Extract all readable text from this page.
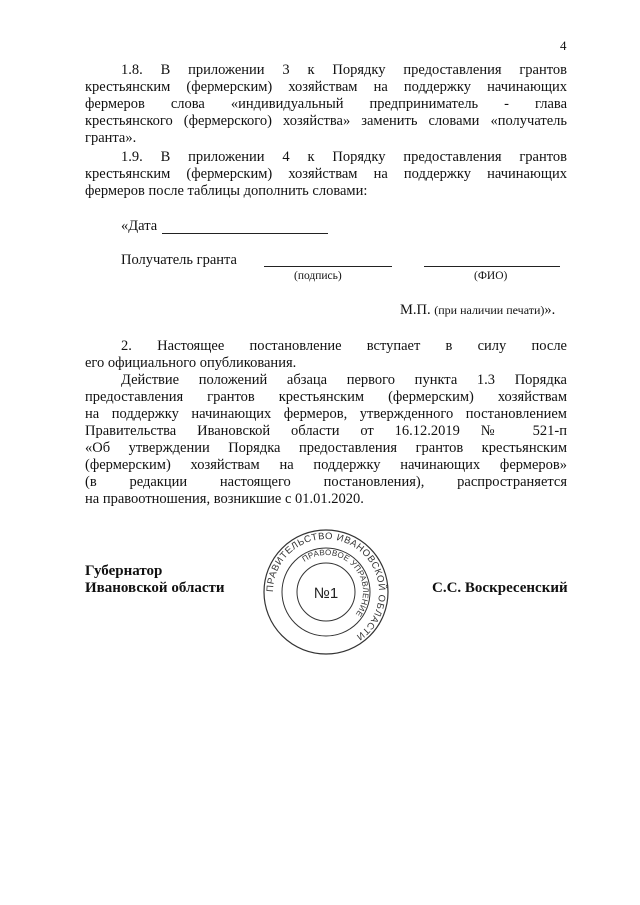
4
1.8. В приложении 3 к Порядку предоставления грантов
крестьянским (фермерским) хозяйствам на поддержку начинающих
фермеров слова «индивидуальный предприниматель - глава
крестьянского (фермерского) хозяйства» заменить словами «получатель
гранта».
1.9. В приложении 4 к Порядку предоставления грантов
крестьянским (фермерским) хозяйствам на поддержку начинающих
фермеров после таблицы дополнить словами:
«Дата
Получатель гранта
(подпись)	(ФИО)
М.П. (при наличии печати)».
2. Настоящее постановление вступает в силу после
его официального опубликования.
Действие положений абзаца первого пункта 1.3 Порядка
предоставления грантов крестьянским (фермерским) хозяйствам
на поддержку начинающих фермеров, утвержденного постановлением
Правительства Ивановской области от 16.12.2019 № 521-п
«Об утверждении Порядка предоставления грантов крестьянским
(фермерским) хозяйствам на поддержку начинающих фермеров»
(в редакции настоящего постановления), распространяется
на правоотношения, возникшие с 01.01.2020.
Губернатор
Ивановской области	С.С. Воскресенский
ПРАВИТЕЛЬСТВО ИВАНОВСКОЙ ОБЛАСТИ
ПРАВОВОЕ УПРАВЛЕНИЕ
№1
